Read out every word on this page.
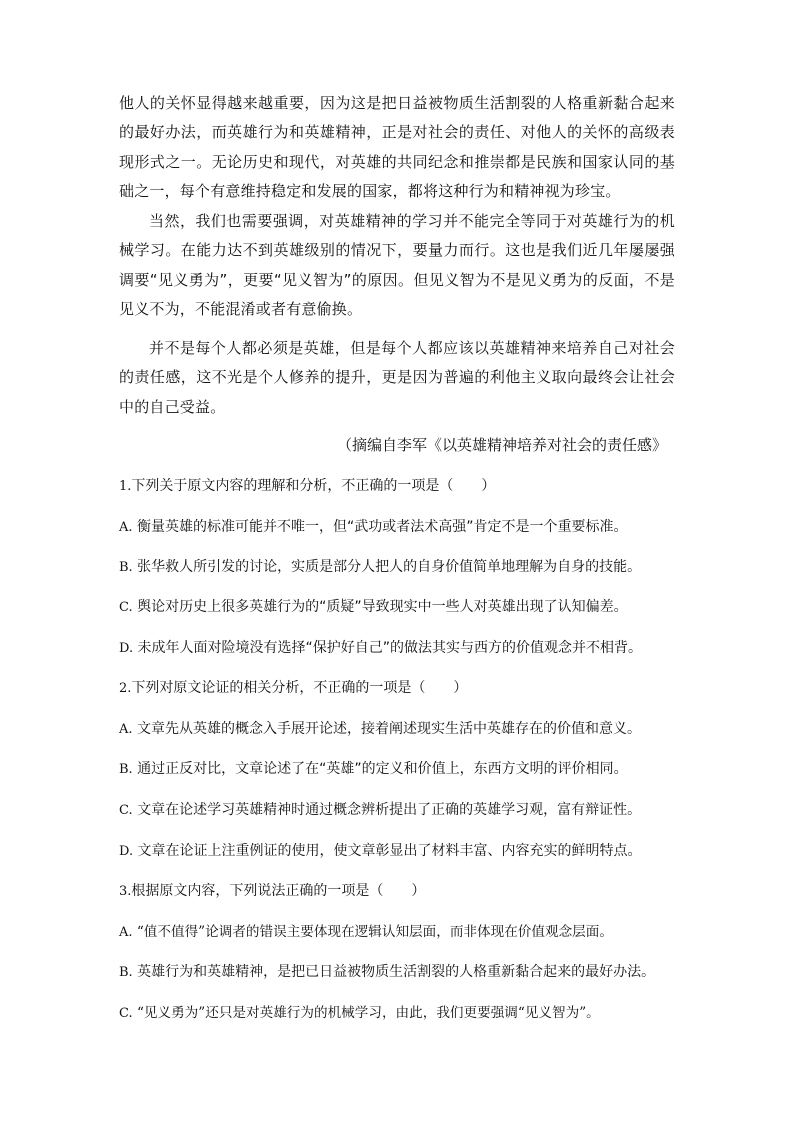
他人的关怀显得越来越重要，因为这是把日益被物质生活割裂的人格重新黏合起来的最好办法，而英雄行为和英雄精神，正是对社会的责任、对他人的关怀的高级表现形式之一。无论历史和现代，对英雄的共同纪念和推崇都是民族和国家认同的基础之一，每个有意维持稳定和发展的国家，都将这种行为和精神视为珍宝。

当然，我们也需要强调，对英雄精神的学习并不能完全等同于对英雄行为的机械学习。在能力达不到英雄级别的情况下，要量力而行。这也是我们近几年屡屡强调要“见义勇为”，更要“见义智为”的原因。但见义智为不是见义勇为的反面，不是见义不为，不能混淆或者有意偷换。

并不是每个人都必须是英雄，但是每个人都应该以英雄精神来培养自己对社会的责任感，这不光是个人修养的提升，更是因为普遍的利他主义取向最终会让社会中的自己受益。

（摘编自李军《以英雄精神培养对社会的责任感》

1.下列关于原文内容的理解和分析，不正确的一项是（　　）
A. 衡量英雄的标准可能并不唯一，但“武功或者法术高强”肯定不是一个重要标准。
B. 张华救人所引发的讨论，实质是部分人把人的自身价值简单地理解为自身的技能。
C. 舆论对历史上很多英雄行为的“质疑”导致现实中一些人对英雄出现了认知偏差。
D. 未成年人面对险境没有选择“保护好自己”的做法其实与西方的价值观念并不相背。
2.下列对原文论证的相关分析，不正确的一项是（　　）
A. 文章先从英雄的概念入手展开论述，接着阐述现实生活中英雄存在的价值和意义。
B. 通过正反对比，文章论述了在“英雄”的定义和价值上，东西方文明的评价相同。
C. 文章在论述学习英雄精神时通过概念辨析提出了正确的英雄学习观，富有辩证性。
D. 文章在论证上注重例证的使用，使文章彰显出了材料丰富、内容充实的鲜明特点。
3.根据原文内容，下列说法正确的一项是（　　）
A. “值不值得”论调者的错误主要体现在逻辑认知层面，而非体现在价值观念层面。
B. 英雄行为和英雄精神，是把已日益被物质生活割裂的人格重新黏合起来的最好办法。
C. “见义勇为”还只是对英雄行为的机械学习，由此，我们更要强调“见义智为”。
